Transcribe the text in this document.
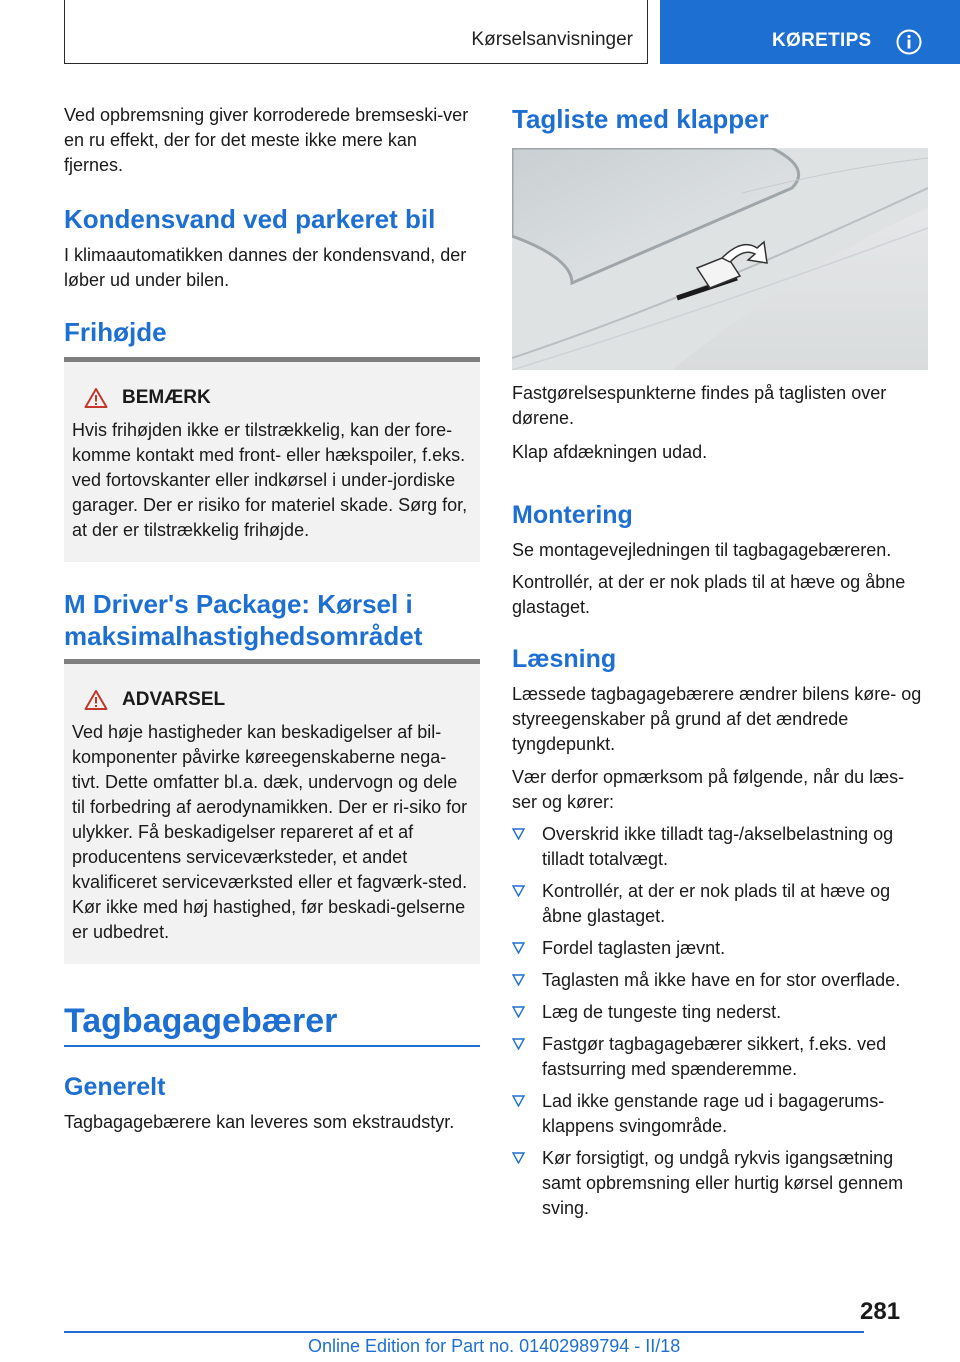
Kørselsanvisninger	KØRETIPS

Ved opbremsning giver korroderede bremseski-ver en ru effekt, der for det meste ikke mere kan fjernes.

Kondensvand ved parkeret bil

I klimaautomatikken dannes der kondensvand, der løber ud under bilen.

Frihøjde
BEMÆRK
Hvis frihøjden ikke er tilstrækkelig, kan der fore-komme kontakt med front- eller hækspoiler, f.eks. ved fortovskanter eller indkørsel i under-jordiske garager. Der er risiko for materiel skade. Sørg for, at der er tilstrækkelig frihøjde.
M Driver's Package: Kørsel i maksimalhastighedsområdet
ADVARSEL
Ved høje hastigheder kan beskadigelser af bil-komponenter påvirke køreegenskaberne nega-tivt. Dette omfatter bl.a. dæk, undervogn og dele til forbedring af aerodynamikken. Der er ri-siko for ulykker. Få beskadigelser repareret af et af producentens serviceværksteder, et andet kvalificeret serviceværksted eller et fagværk-sted. Kør ikke med høj hastighed, før beskadi-gelserne er udbedret.
Tagbagagebærer
Generelt

Tagbagagebærere kan leveres som ekstraudstyr.

Tagliste med klapper

Fastgørelsespunkterne findes på taglisten over dørene.

Klap afdækningen udad.

Montering

Se montagevejledningen til tagbagagebæreren.

Kontrollér, at der er nok plads til at hæve og åbne glastaget.

Læsning

Læssede tagbagagebærere ændrer bilens køre- og styreegenskaber på grund af det ændrede tyngdepunkt.

Vær derfor opmærksom på følgende, når du læs-ser og kører:

Overskrid ikke tilladt tag-/akselbelastning og tilladt totalvægt.
Kontrollér, at der er nok plads til at hæve og åbne glastaget.
Fordel taglasten jævnt.
Taglasten må ikke have en for stor overflade.
Læg de tungeste ting nederst.
Fastgør tagbagagebærer sikkert, f.eks. ved fastsurring med spænderemme.
Lad ikke genstande rage ud i bagagerums-klappens svingområde.
Kør forsigtigt, og undgå rykvis igangsætning samt opbremsning eller hurtig kørsel gennem sving.
281
Online Edition for Part no. 01402989794 - II/18
